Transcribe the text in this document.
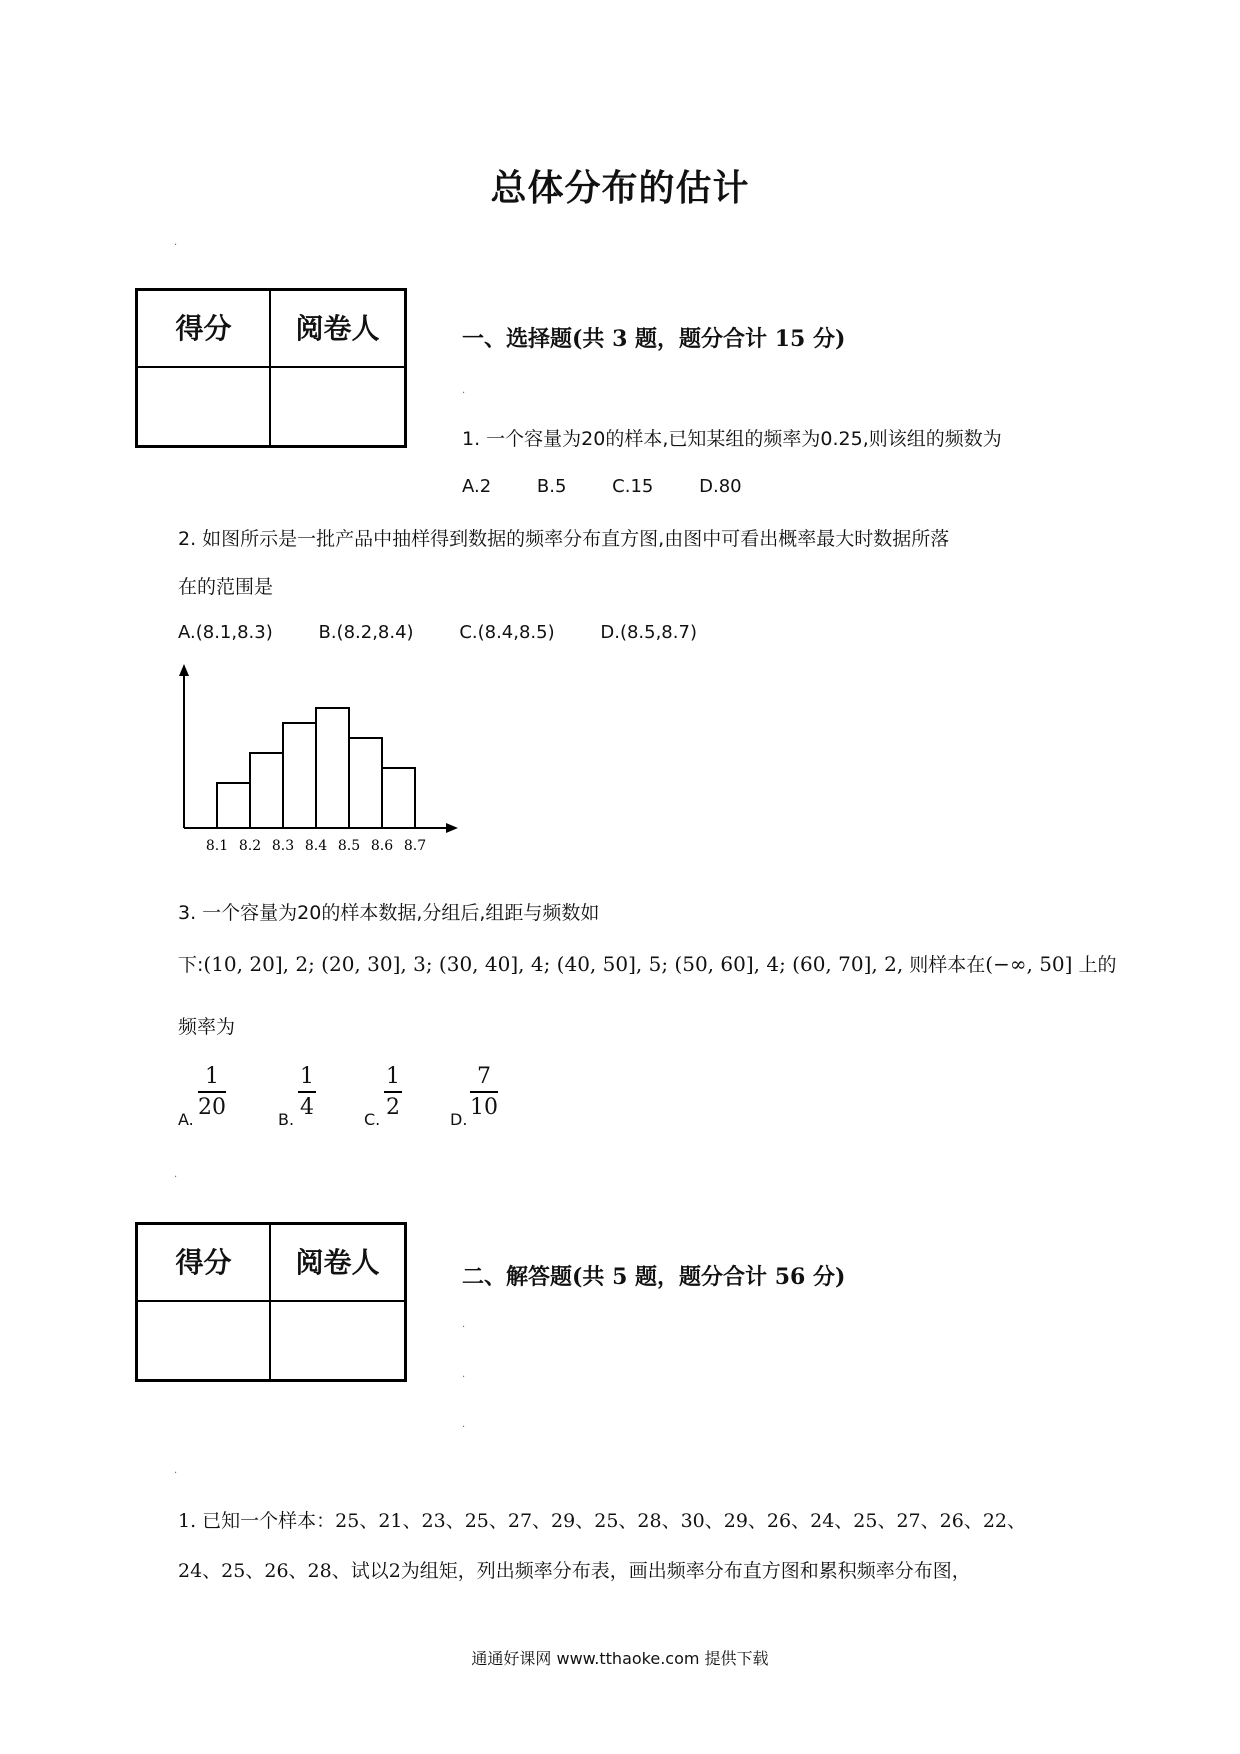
总体分布的估计
·
得分	阅卷人	一、选择题(共 3 题，题分合计 15 分)
·
1. 一个容量为20的样本,已知某组的频率为0.25,则该组的频数为
A.2	B.5	C.15	D.80
2. 如图所示是一批产品中抽样得到数据的频率分布直方图,由图中可看出概率最大时数据所落
在的范围是
A.(8.1,8.3)	B.(8.2,8.4)	C.(8.4,8.5)	D.(8.5,8.7)
8.1 8.2 8.3 8.4 8.5 8.6 8.7
3. 一个容量为20的样本数据,分组后,组距与频数如
下:(10, 20], 2; (20, 30], 3; (30, 40], 4; (40, 50], 5; (50, 60], 4; (60, 70], 2, 则样本在(−∞, 50] 上的
频率为
A. $\frac{1}{20}$	B. $\frac{1}{4}$	C. $\frac{1}{2}$	D. $\frac{7}{10}$
·
得分	阅卷人	二、解答题(共 5 题，题分合计 56 分)
·
·
·
·
1. 已知一个样本：25、21、23、25、27、29、25、28、30、29、26、24、25、27、26、22、
24、25、26、28、试以2为组矩，列出频率分布表，画出频率分布直方图和累积频率分布图，
通通好课网 www.tthaoke.com 提供下载
